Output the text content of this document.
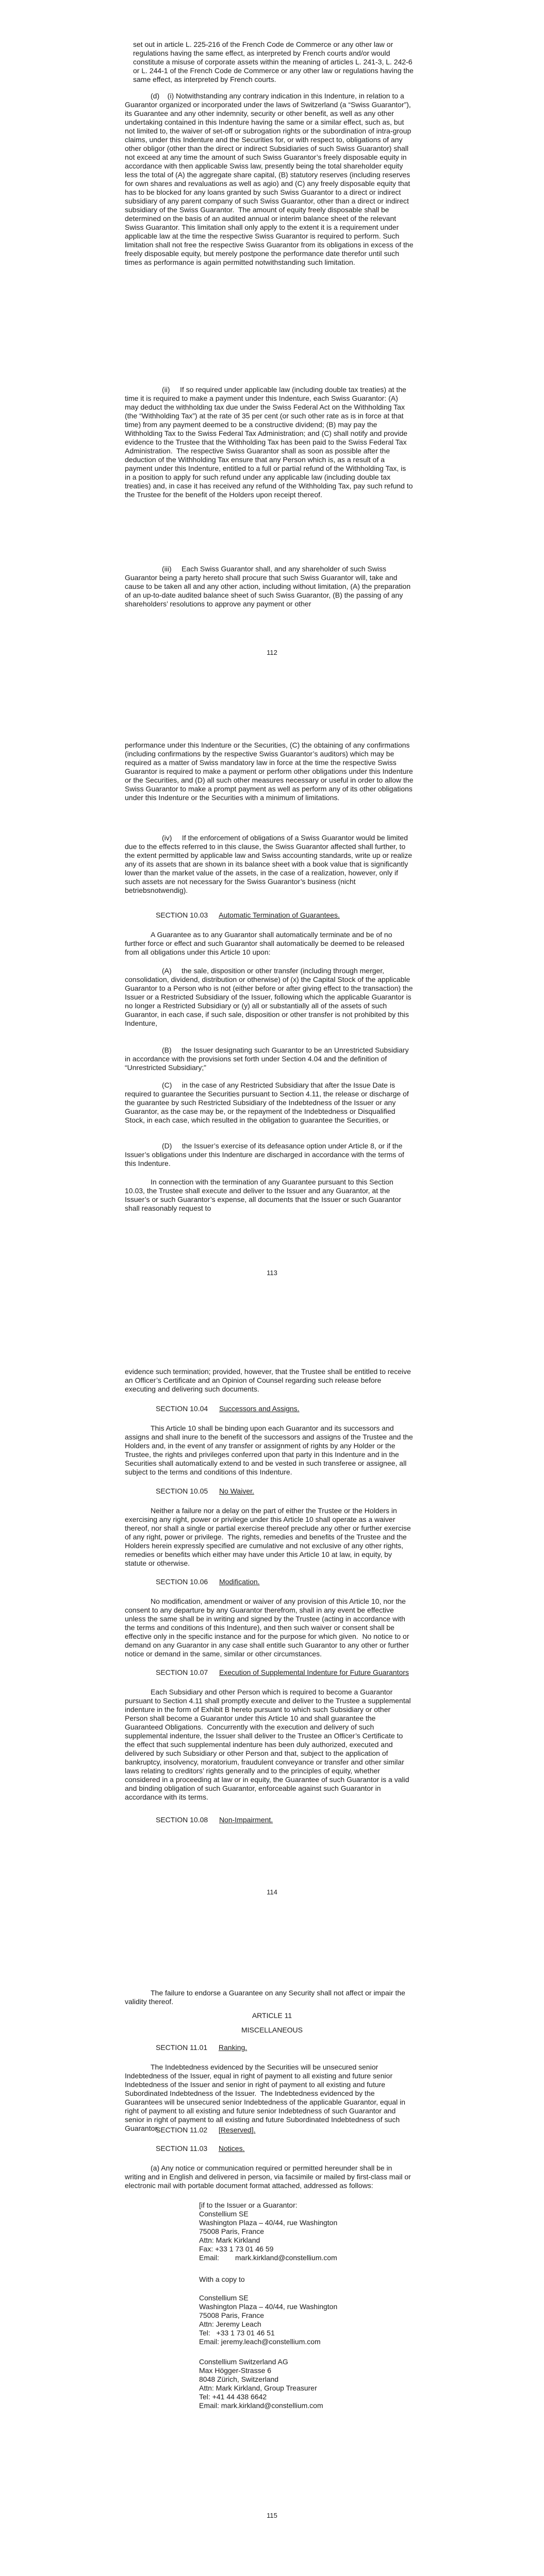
set out in article L. 225-216 of the French Code de Commerce or any other law or regulations having the same effect, as interpreted by French courts and/or would constitute a misuse of corporate assets within the meaning of articles L. 241-3, L. 242-6 or L. 244-1 of the French Code de Commerce or any other law or regulations having the same effect, as interpreted by French courts.

(d)    (i) Notwithstanding any contrary indication in this Indenture, in relation to a Guarantor organized or incorporated under the laws of Switzerland (a “Swiss Guarantor”), its Guarantee and any other indemnity, security or other benefit, as well as any other undertaking contained in this Indenture having the same or a similar effect, such as, but not limited to, the waiver of set-off or subrogation rights or the subordination of intra-group claims, under this Indenture and the Securities for, or with respect to, obligations of any other obligor (other than the direct or indirect Subsidiaries of such Swiss Guarantor) shall not exceed at any time the amount of such Swiss Guarantor’s freely disposable equity in accordance with then applicable Swiss law, presently being the total shareholder equity less the total of (A) the aggregate share capital, (B) statutory reserves (including reserves for own shares and revaluations as well as agio) and (C) any freely disposable equity that has to be blocked for any loans granted by such Swiss Guarantor to a direct or indirect subsidiary of any parent company of such Swiss Guarantor, other than a direct or indirect subsidiary of the Swiss Guarantor.  The amount of equity freely disposable shall be determined on the basis of an audited annual or interim balance sheet of the relevant Swiss Guarantor. This limitation shall only apply to the extent it is a requirement under applicable law at the time the respective Swiss Guarantor is required to perform. Such limitation shall not free the respective Swiss Guarantor from its obligations in excess of the freely disposable equity, but merely postpone the performance date therefor until such times as performance is again permitted notwithstanding such limitation.

(ii)     If so required under applicable law (including double tax treaties) at the time it is required to make a payment under this Indenture, each Swiss Guarantor: (A) may deduct the withholding tax due under the Swiss Federal Act on the Withholding Tax (the “Withholding Tax”) at the rate of 35 per cent (or such other rate as is in force at that time) from any payment deemed to be a constructive dividend; (B) may pay the Withholding Tax to the Swiss Federal Tax Administration; and (C) shall notify and provide evidence to the Trustee that the Withholding Tax has been paid to the Swiss Federal Tax Administration.  The respective Swiss Guarantor shall as soon as possible after the deduction of the Withholding Tax ensure that any Person which is, as a result of a payment under this Indenture, entitled to a full or partial refund of the Withholding Tax, is in a position to apply for such refund under any applicable law (including double tax treaties) and, in case it has received any refund of the Withholding Tax, pay such refund to the Trustee for the benefit of the Holders upon receipt thereof.

(iii)     Each Swiss Guarantor shall, and any shareholder of such Swiss Guarantor being a party hereto shall procure that such Swiss Guarantor will, take and cause to be taken all and any other action, including without limitation, (A) the preparation of an up-to-date audited balance sheet of such Swiss Guarantor, (B) the passing of any shareholders’ resolutions to approve any payment or other

112

performance under this Indenture or the Securities, (C) the obtaining of any confirmations (including confirmations by the respective Swiss Guarantor’s auditors) which may be required as a matter of Swiss mandatory law in force at the time the respective Swiss Guarantor is required to make a payment or perform other obligations under this Indenture or the Securities, and (D) all such other measures necessary or useful in order to allow the Swiss Guarantor to make a prompt payment as well as perform any of its other obligations under this Indenture or the Securities with a minimum of limitations.

(iv)     If the enforcement of obligations of a Swiss Guarantor would be limited due to the effects referred to in this clause, the Swiss Guarantor affected shall further, to the extent permitted by applicable law and Swiss accounting standards, write up or realize any of its assets that are shown in its balance sheet with a book value that is significantly lower than the market value of the assets, in the case of a realization, however, only if such assets are not necessary for the Swiss Guarantor’s business (nicht betriebsnotwendig).

SECTION 10.03 Automatic Termination of Guarantees.

A Guarantee as to any Guarantor shall automatically terminate and be of no further force or effect and such Guarantor shall automatically be deemed to be released from all obligations under this Article 10 upon:

(A)     the sale, disposition or other transfer (including through merger, consolidation, dividend, distribution or otherwise) of (x) the Capital Stock of the applicable Guarantor to a Person who is not (either before or after giving effect to the transaction) the Issuer or a Restricted Subsidiary of the Issuer, following which the applicable Guarantor is no longer a Restricted Subsidiary or (y) all or substantially all of the assets of such Guarantor, in each case, if such sale, disposition or other transfer is not prohibited by this Indenture,

(B)     the Issuer designating such Guarantor to be an Unrestricted Subsidiary in accordance with the provisions set forth under Section 4.04 and the definition of “Unrestricted Subsidiary;”

(C)     in the case of any Restricted Subsidiary that after the Issue Date is required to guarantee the Securities pursuant to Section 4.11, the release or discharge of the guarantee by such Restricted Subsidiary of the Indebtedness of the Issuer or any Guarantor, as the case may be, or the repayment of the Indebtedness or Disqualified Stock, in each case, which resulted in the obligation to guarantee the Securities, or

(D)     the Issuer’s exercise of its defeasance option under Article 8, or if the Issuer’s obligations under this Indenture are discharged in accordance with the terms of this Indenture.

In connection with the termination of any Guarantee pursuant to this Section 10.03, the Trustee shall execute and deliver to the Issuer and any Guarantor, at the Issuer’s or such Guarantor’s expense, all documents that the Issuer or such Guarantor shall reasonably request to

113

evidence such termination; provided, however, that the Trustee shall be entitled to receive an Officer’s Certificate and an Opinion of Counsel regarding such release before executing and delivering such documents.

SECTION 10.04 Successors and Assigns.

This Article 10 shall be binding upon each Guarantor and its successors and assigns and shall inure to the benefit of the successors and assigns of the Trustee and the Holders and, in the event of any transfer or assignment of rights by any Holder or the Trustee, the rights and privileges conferred upon that party in this Indenture and in the Securities shall automatically extend to and be vested in such transferee or assignee, all subject to the terms and conditions of this Indenture.

SECTION 10.05 No Waiver.

Neither a failure nor a delay on the part of either the Trustee or the Holders in exercising any right, power or privilege under this Article 10 shall operate as a waiver thereof, nor shall a single or partial exercise thereof preclude any other or further exercise of any right, power or privilege.  The rights, remedies and benefits of the Trustee and the Holders herein expressly specified are cumulative and not exclusive of any other rights, remedies or benefits which either may have under this Article 10 at law, in equity, by statute or otherwise.

SECTION 10.06 Modification.

No modification, amendment or waiver of any provision of this Article 10, nor the consent to any departure by any Guarantor therefrom, shall in any event be effective unless the same shall be in writing and signed by the Trustee (acting in accordance with the terms and conditions of this Indenture), and then such waiver or consent shall be effective only in the specific instance and for the purpose for which given.  No notice to or demand on any Guarantor in any case shall entitle such Guarantor to any other or further notice or demand in the same, similar or other circumstances.

SECTION 10.07 Execution of Supplemental Indenture for Future Guarantors

Each Subsidiary and other Person which is required to become a Guarantor pursuant to Section 4.11 shall promptly execute and deliver to the Trustee a supplemental indenture in the form of Exhibit B hereto pursuant to which such Subsidiary or other Person shall become a Guarantor under this Article 10 and shall guarantee the Guaranteed Obligations.  Concurrently with the execution and delivery of such supplemental indenture, the Issuer shall deliver to the Trustee an Officer’s Certificate to the effect that such supplemental indenture has been duly authorized, executed and delivered by such Subsidiary or other Person and that, subject to the application of bankruptcy, insolvency, moratorium, fraudulent conveyance or transfer and other similar laws relating to creditors’ rights generally and to the principles of equity, whether considered in a proceeding at law or in equity, the Guarantee of such Guarantor is a valid and binding obligation of such Guarantor, enforceable against such Guarantor in accordance with its terms.

SECTION 10.08 Non-Impairment.
114

The failure to endorse a Guarantee on any Security shall not affect or impair the validity thereof.

ARTICLE 11
MISCELLANEOUS
SECTION 11.01 Ranking.

The Indebtedness evidenced by the Securities will be unsecured senior Indebtedness of the Issuer, equal in right of payment to all existing and future senior Indebtedness of the Issuer and senior in right of payment to all existing and future Subordinated Indebtedness of the Issuer.  The Indebtedness evidenced by the Guarantees will be unsecured senior Indebtedness of the applicable Guarantor, equal in right of payment to all existing and future senior Indebtedness of such Guarantor and senior in right of payment to all existing and future Subordinated Indebtedness of such Guarantor.

SECTION 11.02 [Reserved].
SECTION 11.03 Notices.

(a) Any notice or communication required or permitted hereunder shall be in writing and in English and delivered in person, via facsimile or mailed by first-class mail or electronic mail with portable document format attached, addressed as follows:

[if to the Issuer or a Guarantor:
Constellium SE
Washington Plaza – 40/44, rue Washington
75008 Paris, France
Attn: Mark Kirkland
Fax: +33 1 73 01 46 59
Email:        mark.kirkland@constellium.com
With a copy to
Constellium SE
Washington Plaza – 40/44, rue Washington
75008 Paris, France
Attn: Jeremy Leach
Tel:   +33 1 73 01 46 51
Email: jeremy.leach@constellium.com
Constellium Switzerland AG
Max Högger-Strasse 6
8048 Zürich, Switzerland
Attn: Mark Kirkland, Group Treasurer
Tel: +41 44 438 6642
Email: mark.kirkland@constellium.com
115
